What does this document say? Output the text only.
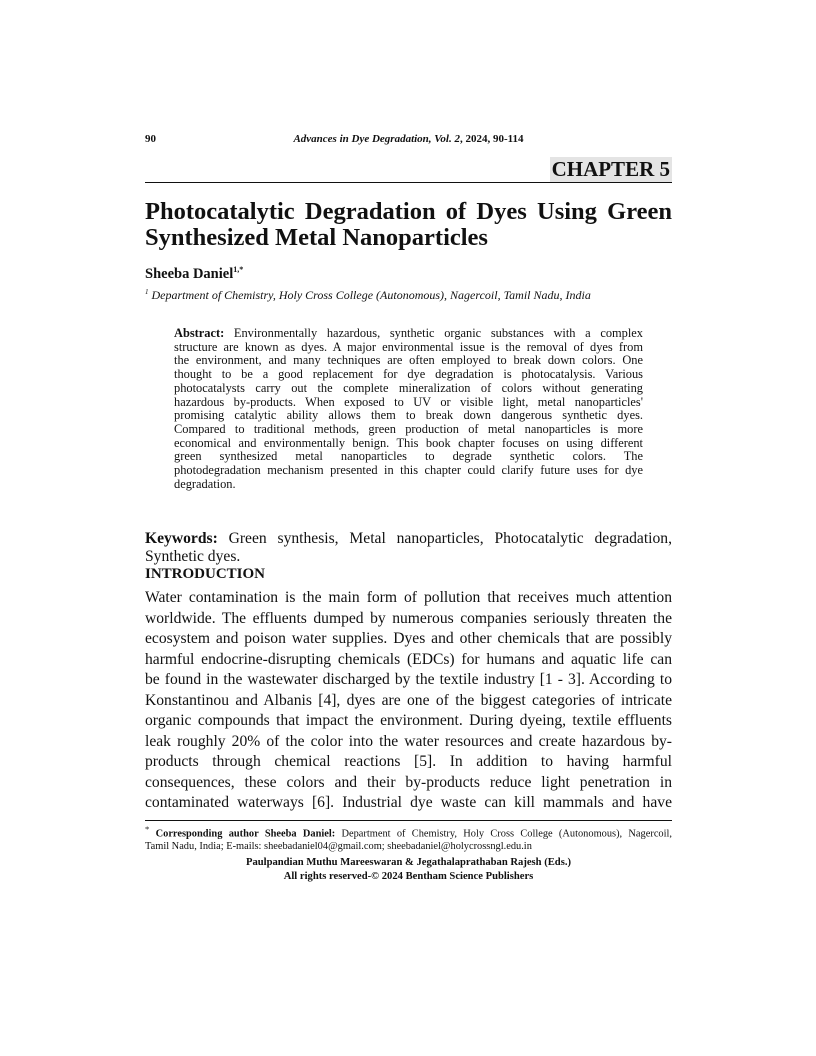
90	Advances in Dye Degradation, Vol. 2, 2024, 90-114
CHAPTER 5
Photocatalytic Degradation of Dyes Using Green
Synthesized Metal Nanoparticles
Sheeba Daniel$^{1,*}$
$^1$ Department of Chemistry, Holy Cross College (Autonomous), Nagercoil, Tamil Nadu, India
Abstract: Environmentally hazardous, synthetic organic substances with a complex
structure are known as dyes. A major environmental issue is the removal of dyes from
the environment, and many techniques are often employed to break down colors. One
thought to be a good replacement for dye degradation is photocatalysis. Various
photocatalysts carry out the complete mineralization of colors without generating
hazardous by-products. When exposed to UV or visible light, metal nanoparticles'
promising catalytic ability allows them to break down dangerous synthetic dyes.
Compared to traditional methods, green production of metal nanoparticles is more
economical and environmentally benign. This book chapter focuses on using different
green synthesized metal nanoparticles to degrade synthetic colors. The
photodegradation mechanism presented in this chapter could clarify future uses for dye
degradation.
Keywords: Green synthesis, Metal nanoparticles, Photocatalytic degradation,
Synthetic dyes.
INTRODUCTION
Water contamination is the main form of pollution that receives much attention
worldwide. The effluents dumped by numerous companies seriously threaten the
ecosystem and poison water supplies. Dyes and other chemicals that are possibly
harmful endocrine-disrupting chemicals (EDCs) for humans and aquatic life can
be found in the wastewater discharged by the textile industry [1 - 3]. According to
Konstantinou and Albanis [4], dyes are one of the biggest categories of intricate
organic compounds that impact the environment. During dyeing, textile effluents
leak roughly 20% of the color into the water resources and create hazardous by-
products through chemical reactions [5]. In addition to having harmful
consequences, these colors and their by-products reduce light penetration in
contaminated waterways [6]. Industrial dye waste can kill mammals and have
* Corresponding author Sheeba Daniel: Department of Chemistry, Holy Cross College (Autonomous), Nagercoil,
Tamil Nadu, India; E-mails: sheebadaniel04@gmail.com; sheebadaniel@holycrossngl.edu.in
Paulpandian Muthu Mareeswaran & Jegathalaprathaban Rajesh (Eds.)
All rights reserved-© 2024 Bentham Science Publishers
